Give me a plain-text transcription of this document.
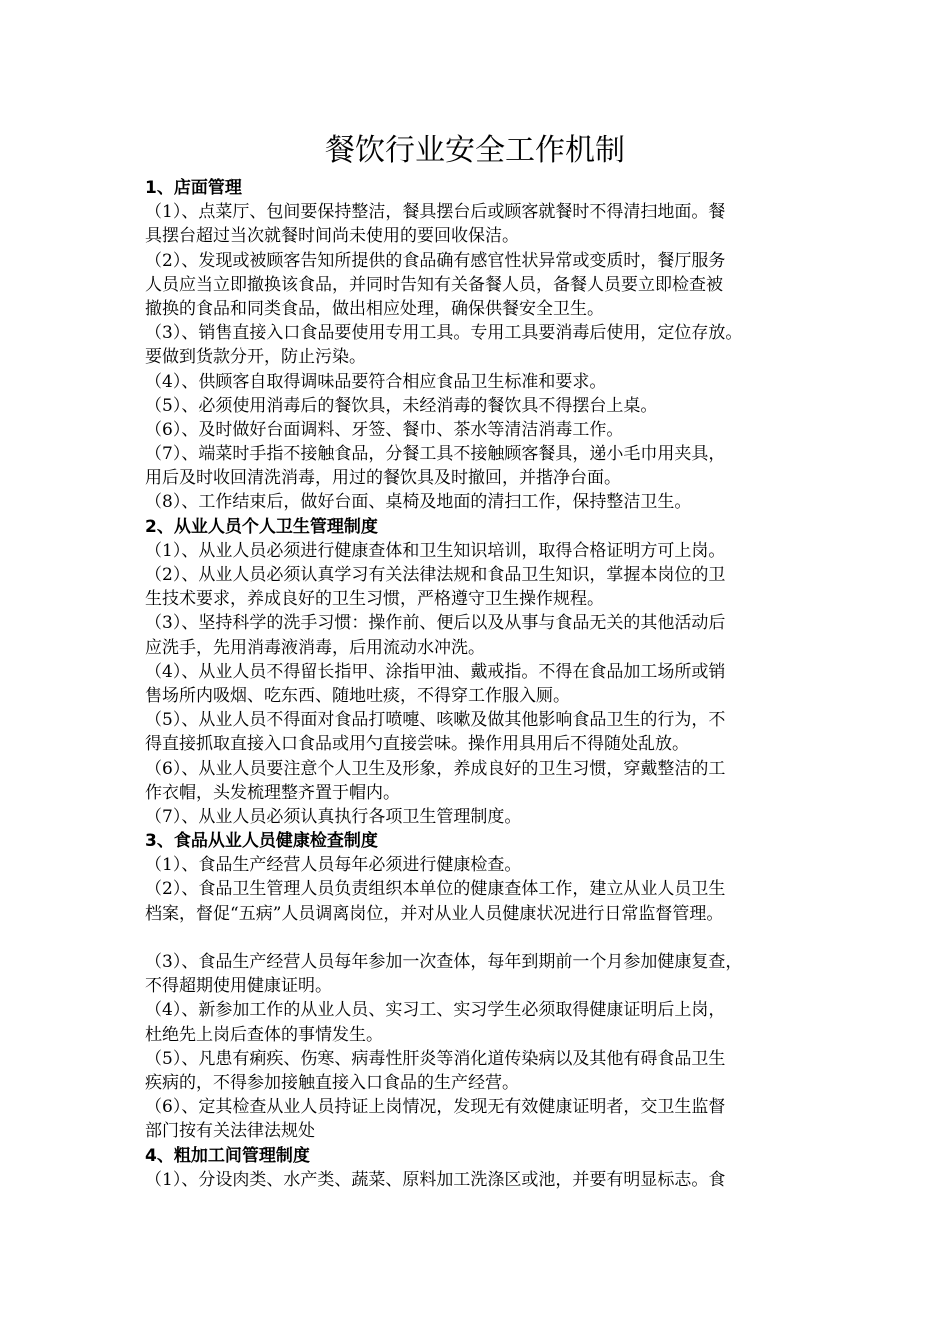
餐饮行业安全工作机制
1、店面管理
（1）、点菜厅、包间要保持整洁，餐具摆台后或顾客就餐时不得清扫地面。餐
具摆台超过当次就餐时间尚未使用的要回收保洁。
（2）、发现或被顾客告知所提供的食品确有感官性状异常或变质时，餐厅服务
人员应当立即撤换该食品，并同时告知有关备餐人员，备餐人员要立即检查被
撤换的食品和同类食品，做出相应处理，确保供餐安全卫生。
（3）、销售直接入口食品要使用专用工具。专用工具要消毒后使用，定位存放。
要做到货款分开，防止污染。
（4）、供顾客自取得调味品要符合相应食品卫生标准和要求。
（5）、必须使用消毒后的餐饮具，未经消毒的餐饮具不得摆台上桌。
（6）、及时做好台面调料、牙签、餐巾、茶水等清洁消毒工作。
（7）、端菜时手指不接触食品，分餐工具不接触顾客餐具，递小毛巾用夹具，
用后及时收回清洗消毒，用过的餐饮具及时撤回，并揩净台面。
（8）、工作结束后，做好台面、桌椅及地面的清扫工作，保持整洁卫生。
2、从业人员个人卫生管理制度
（1）、从业人员必须进行健康查体和卫生知识培训，取得合格证明方可上岗。
（2）、从业人员必须认真学习有关法律法规和食品卫生知识，掌握本岗位的卫
生技术要求，养成良好的卫生习惯，严格遵守卫生操作规程。
（3）、坚持科学的洗手习惯：操作前、便后以及从事与食品无关的其他活动后
应洗手，先用消毒液消毒，后用流动水冲洗。
（4）、从业人员不得留长指甲、涂指甲油、戴戒指。不得在食品加工场所或销
售场所内吸烟、吃东西、随地吐痰，不得穿工作服入厕。
（5）、从业人员不得面对食品打喷嚏、咳嗽及做其他影响食品卫生的行为，不
得直接抓取直接入口食品或用勺直接尝味。操作用具用后不得随处乱放。
（6）、从业人员要注意个人卫生及形象，养成良好的卫生习惯，穿戴整洁的工
作衣帽，头发梳理整齐置于帽内。
（7）、从业人员必须认真执行各项卫生管理制度。
3、食品从业人员健康检查制度
（1）、食品生产经营人员每年必须进行健康检查。
（2）、食品卫生管理人员负责组织本单位的健康查体工作，建立从业人员卫生
档案，督促“五病”人员调离岗位，并对从业人员健康状况进行日常监督管理。
（3）、食品生产经营人员每年参加一次查体，每年到期前一个月参加健康复查，
不得超期使用健康证明。
（4）、新参加工作的从业人员、实习工、实习学生必须取得健康证明后上岗，
杜绝先上岗后查体的事情发生。
（5）、凡患有痢疾、伤寒、病毒性肝炎等消化道传染病以及其他有碍食品卫生
疾病的，不得参加接触直接入口食品的生产经营。
（6）、定其检查从业人员持证上岗情况，发现无有效健康证明者，交卫生监督
部门按有关法律法规处
4、粗加工间管理制度
（1）、分设肉类、水产类、蔬菜、原料加工洗涤区或池，并要有明显标志。食
